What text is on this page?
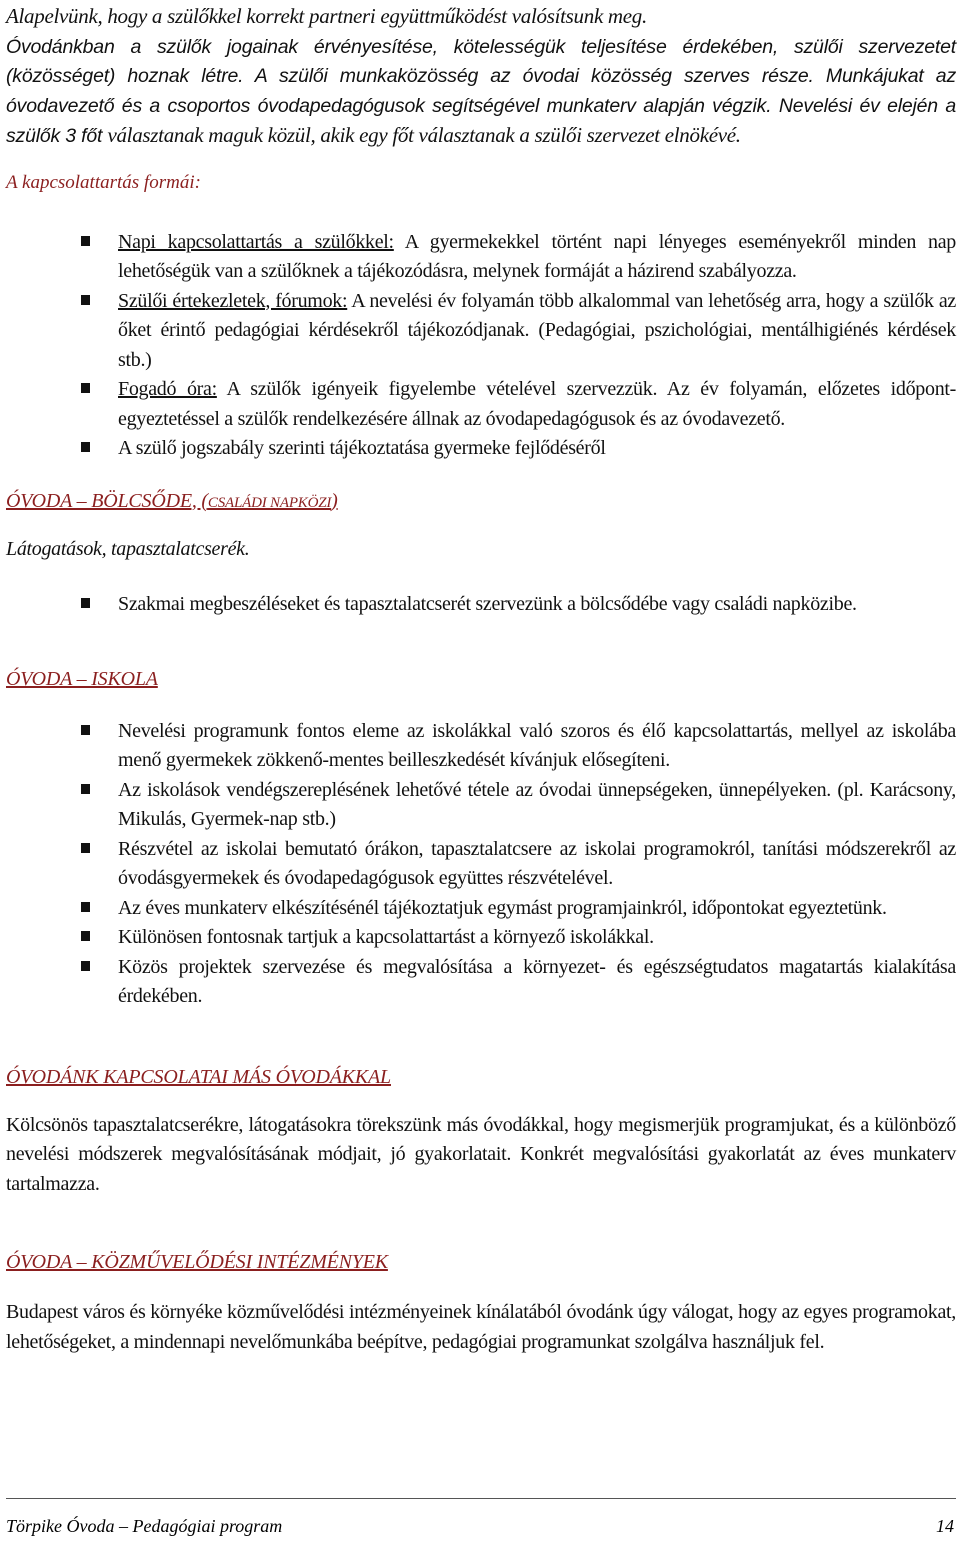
Alapelvünk, hogy a szülőkkel korrekt partneri együttműködést valósítsunk meg.
Óvodánkban a szülők jogainak érvényesítése, kötelességük teljesítése érdekében, szülői szervezetet (közösséget) hoznak létre. A szülői munkaközösség az óvodai közösség szerves része. Munkájukat az óvodavezető és a csoportos óvodapedagógusok segítségével munkaterv alapján végzik. Nevelési év elején a szülők 3 főt választanak maguk közül, akik egy főt választanak a szülői szervezet elnökévé.

A kapcsolattartás formái:

Napi kapcsolattartás a szülőkkel: A gyermekekkel történt napi lényeges eseményekről minden nap lehetőségük van a szülőknek a tájékozódásra, melynek formáját a házirend szabályozza.
Szülői értekezletek, fórumok: A nevelési év folyamán több alkalommal van lehetőség arra, hogy a szülők az őket érintő pedagógiai kérdésekről tájékozódjanak. (Pedagógiai, pszichológiai, mentálhigiénés kérdések stb.)
Fogadó óra: A szülők igényeik figyelembe vételével szervezzük. Az év folyamán, előzetes időpont-egyeztetéssel a szülők rendelkezésére állnak az óvodapedagógusok és az óvodavezető.
A szülő jogszabály szerinti tájékoztatása gyermeke fejlődéséről

ÓVODA – BÖLCSŐDE, (CSALÁDI NAPKÖZI)

Látogatások, tapasztalatcserék.

Szakmai megbeszéléseket és tapasztalatcserét szervezünk a bölcsődébe vagy családi napközibe.

ÓVODA – ISKOLA

Nevelési programunk fontos eleme az iskolákkal való szoros és élő kapcsolattartás, mellyel az iskolába menő gyermekek zökkenő-mentes beilleszkedését kívánjuk elősegíteni.
Az iskolások vendégszereplésének lehetővé tétele az óvodai ünnepségeken, ünnepélyeken. (pl. Karácsony, Mikulás, Gyermek-nap stb.)
Részvétel az iskolai bemutató órákon, tapasztalatcsere az iskolai programokról, tanítási módszerekről az óvodásgyermekek és óvodapedagógusok együttes részvételével.
Az éves munkaterv elkészítésénél tájékoztatjuk egymást programjainkról, időpontokat egyeztetünk.
Különösen fontosnak tartjuk a kapcsolattartást a környező iskolákkal.
Közös projektek szervezése és megvalósítása a környezet- és egészségtudatos magatartás kialakítása érdekében.

ÓVODÁNK KAPCSOLATAI MÁS ÓVODÁKKAL

Kölcsönös tapasztalatcserékre, látogatásokra törekszünk más óvodákkal, hogy megismerjük programjukat, és a különböző nevelési módszerek megvalósításának módjait, jó gyakorlatait. Konkrét megvalósítási gyakorlatát az éves munkaterv tartalmazza.

ÓVODA – KÖZMŰVELŐDÉSI INTÉZMÉNYEK

Budapest város és környéke közművelődési intézményeinek kínálatából óvodánk úgy válogat, hogy az egyes programokat, lehetőségeket, a mindennapi nevelőmunkába beépítve, pedagógiai programunkat szolgálva használjuk fel.

Törpike Óvoda – Pedagógiai program	14
